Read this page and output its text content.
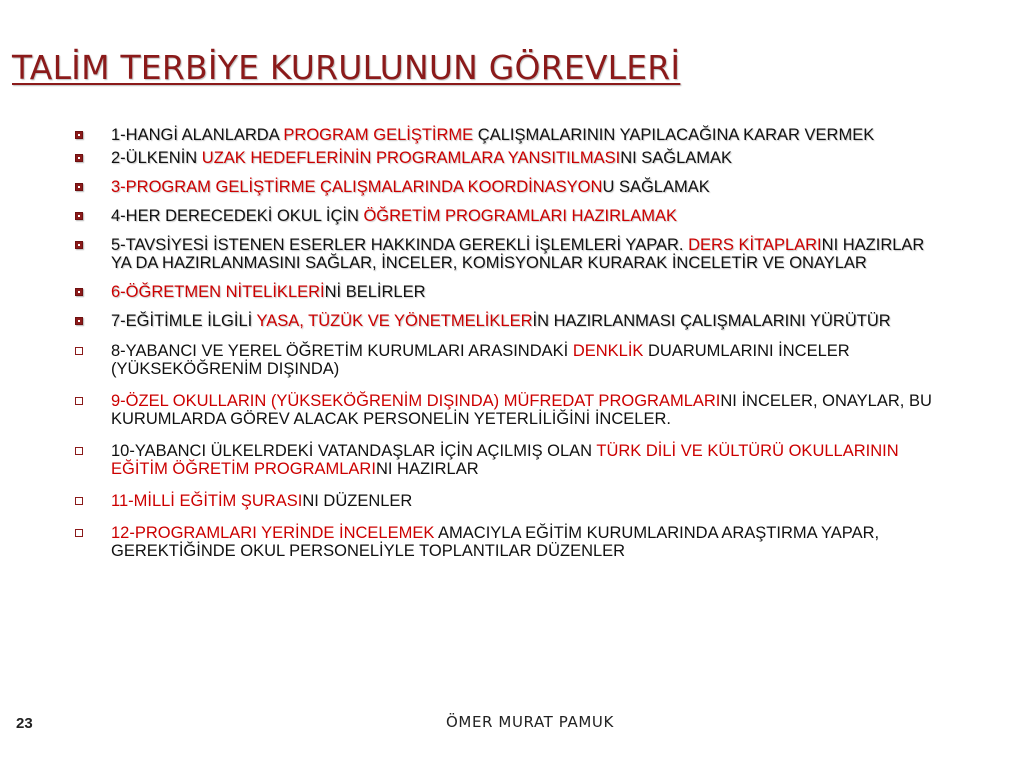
TALİM TERBİYE KURULUNUN GÖREVLERİ
1-HANGİ ALANLARDA PROGRAM GELİŞTİRME ÇALIŞMALARININ YAPILACAĞINA KARAR VERMEK
2-ÜLKENİN UZAK HEDEFLERİNİN PROGRAMLARA YANSITILMASINI SAĞLAMAK
3-PROGRAM GELİŞTİRME ÇALIŞMALARINDA KOORDİNASYONU SAĞLAMAK
4-HER DERECEDEKİ OKUL İÇİN ÖĞRETİM PROGRAMLARI HAZIRLAMAK
5-TAVSİYESİ İSTENEN ESERLER HAKKINDA GEREKLİ İŞLEMLERİ YAPAR. DERS KİTAPLARINI HAZIRLAR YA DA HAZIRLANMASINI SAĞLAR, İNCELER, KOMİSYONLAR KURARAK İNCELETİR VE ONAYLAR
6-ÖĞRETMEN NİTELİKLERİNİ BELİRLER
7-EĞİTİMLE İLGİLİ YASA, TÜZÜK VE YÖNETMELİKLERİN HAZIRLANMASI ÇALIŞMALARINI YÜRÜTÜR
8-YABANCI VE YEREL ÖĞRETİM KURUMLARI ARASINDAKİ DENKLİK DUARUMLARINI İNCELER (YÜKSEKÖĞRENİM DIŞINDA)
9-ÖZEL OKULLARIN (YÜKSEKÖĞRENİM DIŞINDA) MÜFREDAT PROGRAMLARINI İNCELER, ONAYLAR, BU KURUMLARDA GÖREV ALACAK PERSONELİN YETERLİLİĞİNİ İNCELER.
10-YABANCI ÜLKELRDEKİ VATANDAŞLAR İÇİN AÇILMIŞ OLAN TÜRK DİLİ VE KÜLTÜRÜ OKULLARININ EĞİTİM ÖĞRETİM PROGRAMLARINI HAZIRLAR
11-MİLLİ EĞİTİM ŞURASINI DÜZENLER
12-PROGRAMLARI YERİNDE İNCELEMEK AMACIYLA EĞİTİM KURUMLARINDA ARAŞTIRMA YAPAR, GEREKTİĞİNDE OKUL PERSONELİYLE TOPLANTILAR DÜZENLER
23	ÖMER MURAT PAMUK
